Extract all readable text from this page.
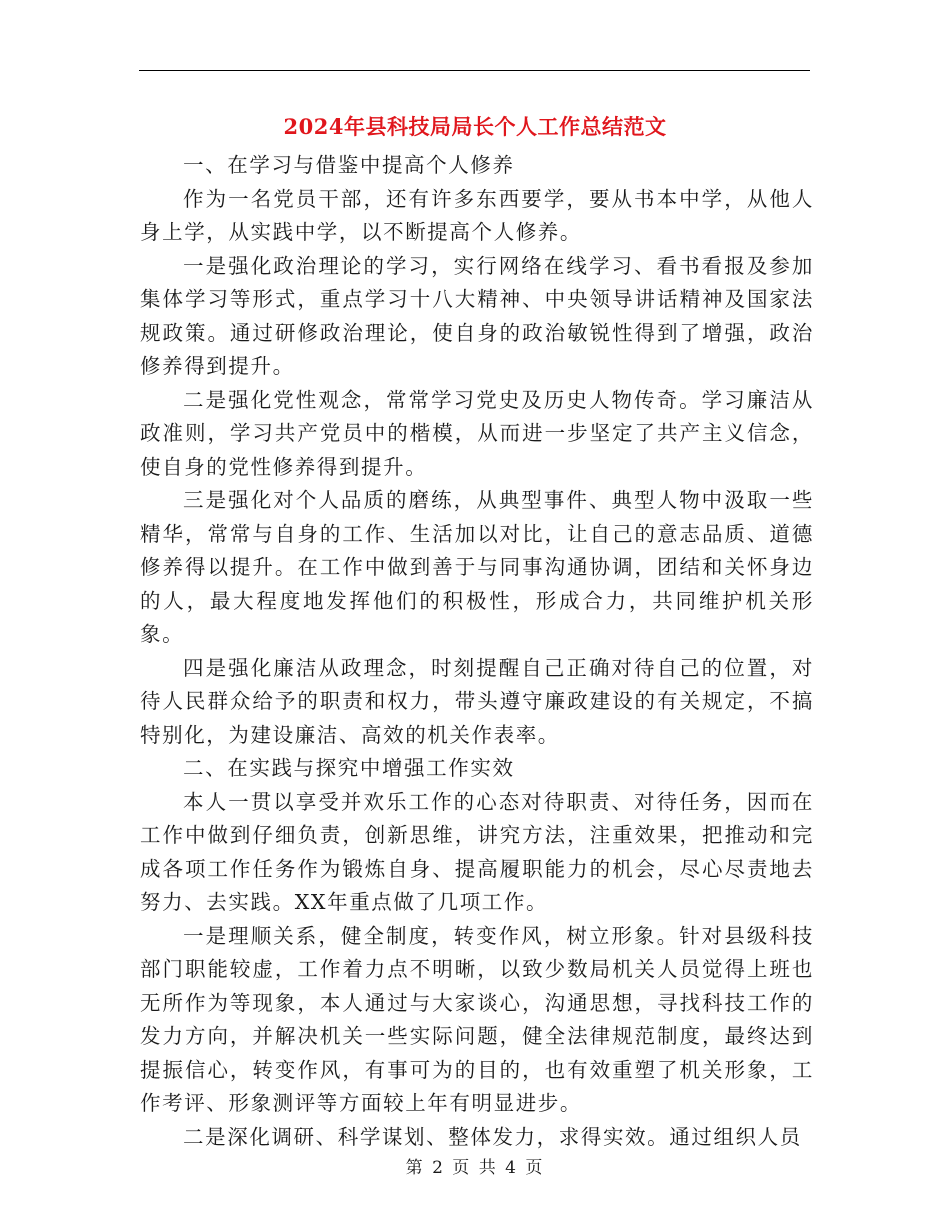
2024年县科技局局长个人工作总结范文

一、在学习与借鉴中提高个人修养

作为一名党员干部，还有许多东西要学，要从书本中学，从他人身上学，从实践中学，以不断提高个人修养。

一是强化政治理论的学习，实行网络在线学习、看书看报及参加集体学习等形式，重点学习十八大精神、中央领导讲话精神及国家法规政策。通过研修政治理论，使自身的政治敏锐性得到了增强，政治修养得到提升。

二是强化党性观念，常常学习党史及历史人物传奇。学习廉洁从政准则，学习共产党员中的楷模，从而进一步坚定了共产主义信念，使自身的党性修养得到提升。

三是强化对个人品质的磨练，从典型事件、典型人物中汲取一些精华，常常与自身的工作、生活加以对比，让自己的意志品质、道德修养得以提升。在工作中做到善于与同事沟通协调，团结和关怀身边的人，最大程度地发挥他们的积极性，形成合力，共同维护机关形象。

四是强化廉洁从政理念，时刻提醒自己正确对待自己的位置，对待人民群众给予的职责和权力，带头遵守廉政建设的有关规定，不搞特别化，为建设廉洁、高效的机关作表率。

二、在实践与探究中增强工作实效

本人一贯以享受并欢乐工作的心态对待职责、对待任务，因而在工作中做到仔细负责，创新思维，讲究方法，注重效果，把推动和完成各项工作任务作为锻炼自身、提高履职能力的机会，尽心尽责地去努力、去实践。XX年重点做了几项工作。

一是理顺关系，健全制度，转变作风，树立形象。针对县级科技部门职能较虚，工作着力点不明晰，以致少数局机关人员觉得上班也无所作为等现象，本人通过与大家谈心，沟通思想，寻找科技工作的发力方向，并解决机关一些实际问题，健全法律规范制度，最终达到提振信心，转变作风，有事可为的目的，也有效重塑了机关形象，工作考评、形象测评等方面较上年有明显进步。

二是深化调研、科学谋划、整体发力，求得实效。通过组织人员

第 2 页 共 4 页
